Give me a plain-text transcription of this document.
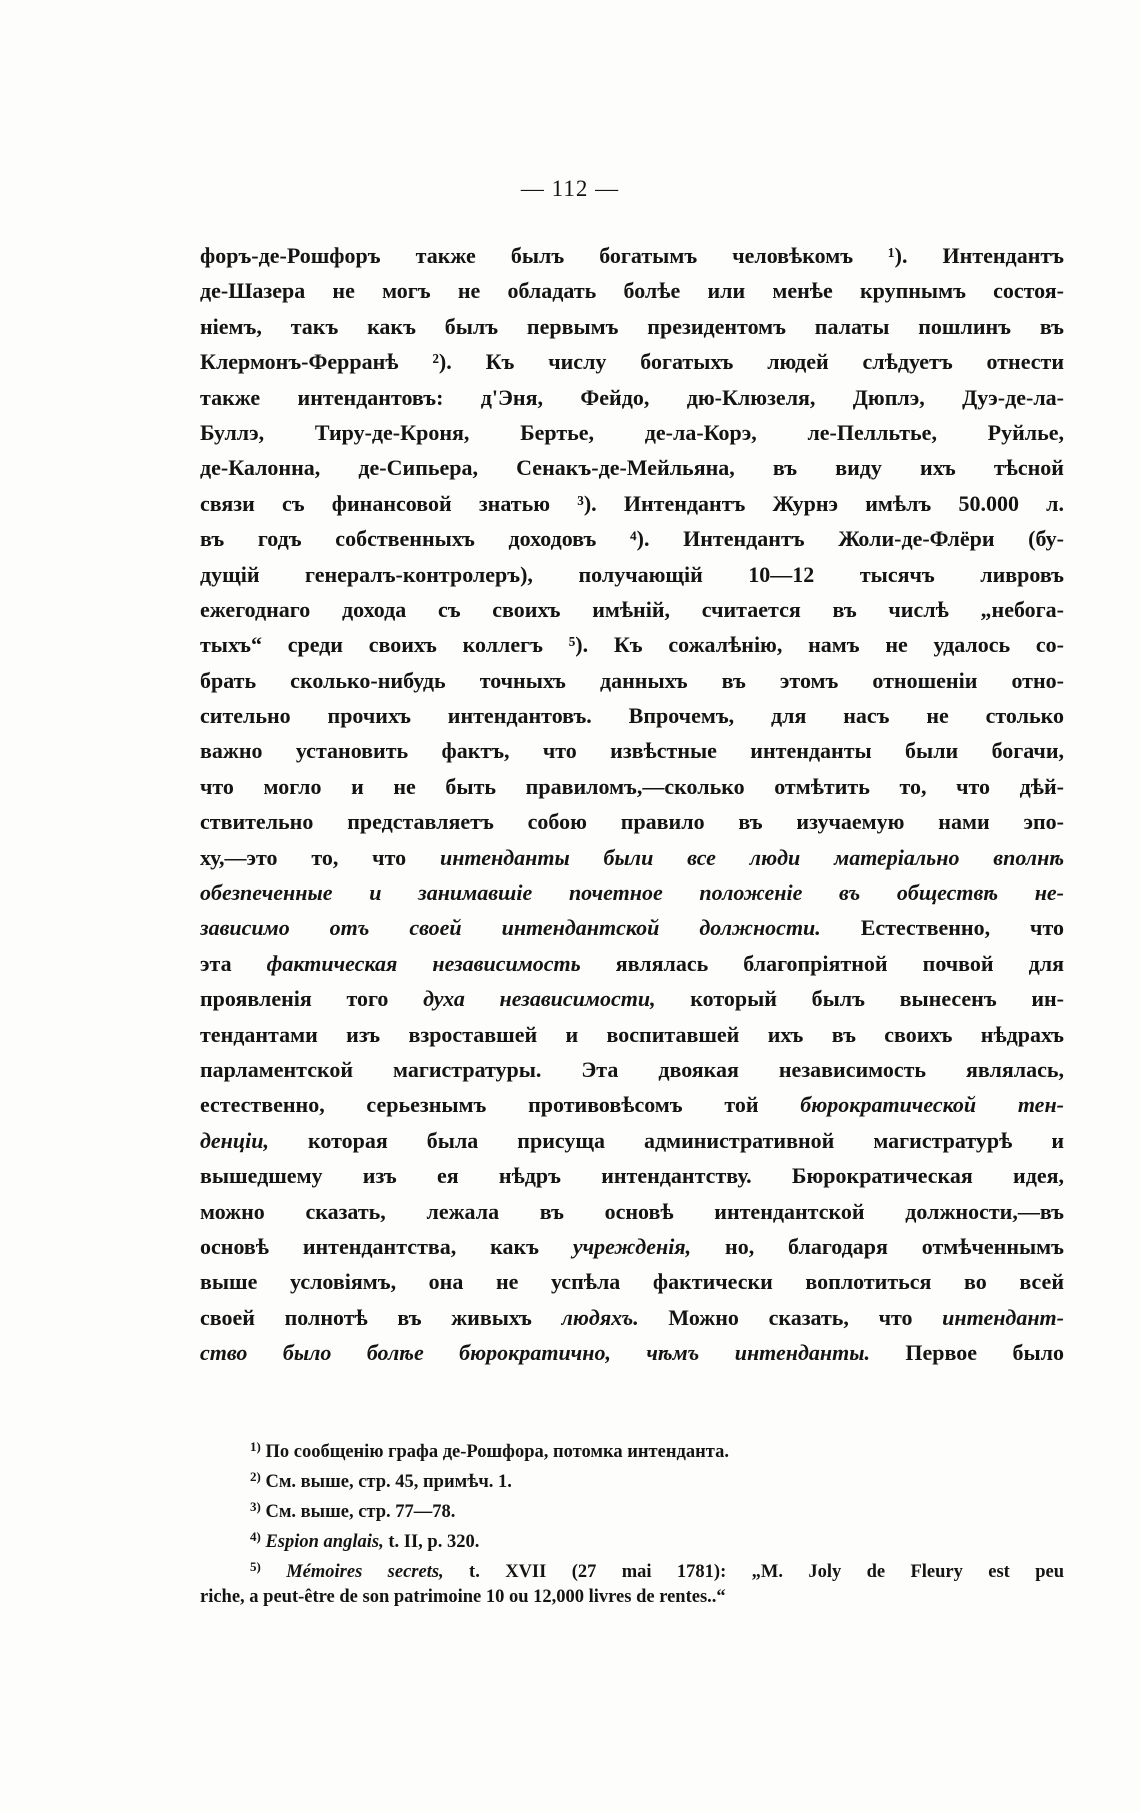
— 112 —
форъ-де-Рошфоръ также былъ богатымъ человѣкомъ ¹). Интендантъ
де-Шазера не могъ не обладать болѣе или менѣе крупнымъ состоя-
ніемъ, такъ какъ былъ первымъ президентомъ палаты пошлинъ въ
Клермонъ-Ферранѣ ²). Къ числу богатыхъ людей слѣдуетъ отнести
также интендантовъ: д'Эня, Фейдо, дю-Клюзеля, Дюплэ, Дуэ-де-ла-
Буллэ, Тиру-де-Кроня, Бертье, де-ла-Корэ, ле-Пелльтье, Руйлье,
де-Калонна, де-Сипьера, Сенакъ-де-Мейльяна, въ виду ихъ тѣсной
связи съ финансовой знатью ³). Интендантъ Журнэ имѣлъ 50.000 л.
въ годъ собственныхъ доходовъ ⁴). Интендантъ Жоли-де-Флёри (бу-
дущій генералъ-контролеръ), получающій 10—12 тысячъ ливровъ
ежегоднаго дохода съ своихъ имѣній, считается въ числѣ „небога-
тыхъ“ среди своихъ коллегъ ⁵). Къ сожалѣнію, намъ не удалось со-
брать сколько-нибудь точныхъ данныхъ въ этомъ отношеніи отно-
сительно прочихъ интендантовъ. Впрочемъ, для насъ не столько
важно установить фактъ, что извѣстные интенданты были богачи,
что могло и не быть правиломъ,—сколько отмѣтить то, что дѣй-
ствительно представляетъ собою правило въ изучаемую нами эпо-
ху,—это то, что интенданты были все люди матеріально вполнѣ
обезпеченные и занимавшіе почетное положеніе въ обществѣ не-
зависимо отъ своей интендантской должности. Естественно, что
эта фактическая независимость являлась благопріятной почвой для
проявленія того духа независимости, который былъ вынесенъ ин-
тендантами изъ взроставшей и воспитавшей ихъ въ своихъ нѣдрахъ
парламентской магистратуры. Эта двоякая независимость являлась,
естественно, серьезнымъ противовѣсомъ той бюрократической тен-
денціи, которая была присуща административной магистратурѣ и
вышедшему изъ ея нѣдръ интендантству. Бюрократическая идея,
можно сказать, лежала въ основѣ интендантской должности,—въ
основѣ интендантства, какъ учрежденія, но, благодаря отмѣченнымъ
выше условіямъ, она не успѣла фактически воплотиться во всей
своей полнотѣ въ живыхъ людяхъ. Можно сказать, что интендант-
ство было болѣе бюрократично, чѣмъ интенданты. Первое было
$^{1)}$ По сообщенію графа де-Рошфора, потомка интенданта.
$^{2)}$ См. выше, стр. 45, примѣч. 1.
$^{3)}$ См. выше, стр. 77—78.
$^{4)}$ Espion anglais, t. II, p. 320.
$^{5)}$ Mémoires secrets, t. XVII (27 mai 1781): „M. Joly de Fleury est peu
riche, a peut-être de son patrimoine 10 ou 12,000 livres de rentes..“
